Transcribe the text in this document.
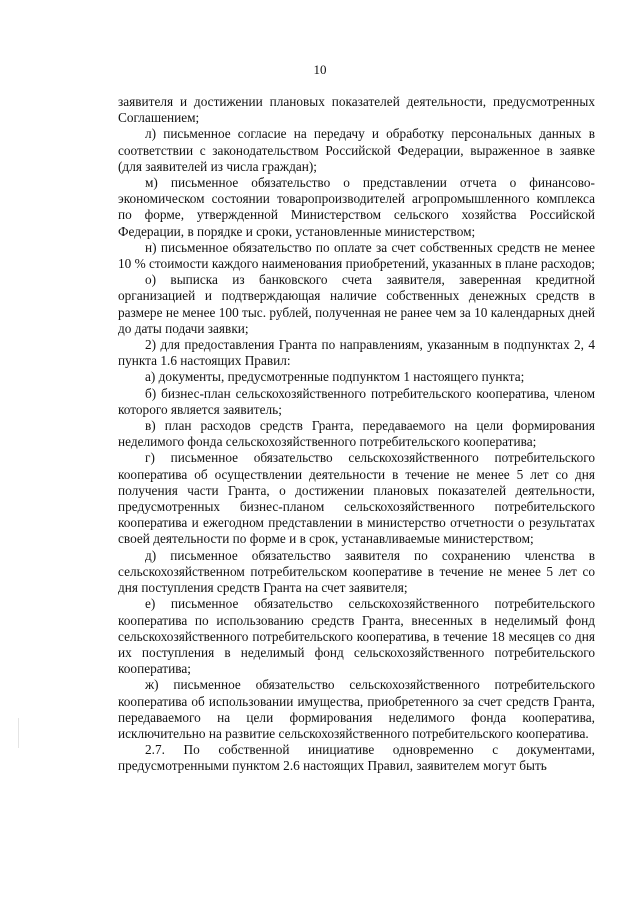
10

заявителя и достижении плановых показателей деятельности, предусмотренных Соглашением;

л) письменное согласие на передачу и обработку персональных данных в соответствии с законодательством Российской Федерации, выраженное в заявке (для заявителей из числа граждан);

м) письменное обязательство о представлении отчета о финансово-экономическом состоянии товаропроизводителей агропромышленного комплекса по форме, утвержденной Министерством сельского хозяйства Российской Федерации, в порядке и сроки, установленные министерством;

н) письменное обязательство по оплате за счет собственных средств не менее 10 % стоимости каждого наименования приобретений, указанных в плане расходов;

о) выписка из банковского счета заявителя, заверенная кредитной организацией и подтверждающая наличие собственных денежных средств в размере не менее 100 тыс. рублей, полученная не ранее чем за 10 календарных дней до даты подачи заявки;

2) для предоставления Гранта по направлениям, указанным в подпунктах 2, 4 пункта 1.6 настоящих Правил:

а) документы, предусмотренные подпунктом 1 настоящего пункта;

б) бизнес-план сельскохозяйственного потребительского кооператива, членом которого является заявитель;

в) план расходов средств Гранта, передаваемого на цели формирования неделимого фонда сельскохозяйственного потребительского кооператива;

г) письменное обязательство сельскохозяйственного потребительского кооператива об осуществлении деятельности в течение не менее 5 лет со дня получения части Гранта, о достижении плановых показателей деятельности, предусмотренных бизнес-планом сельскохозяйственного потребительского кооператива и ежегодном представлении в министерство отчетности о результатах своей деятельности по форме и в срок, устанавливаемые министерством;

д) письменное обязательство заявителя по сохранению членства в сельскохозяйственном потребительском кооперативе в течение не менее 5 лет со дня поступления средств Гранта на счет заявителя;

е) письменное обязательство сельскохозяйственного потребительского кооператива по использованию средств Гранта, внесенных в неделимый фонд сельскохозяйственного потребительского кооператива, в течение 18 месяцев со дня их поступления в неделимый фонд сельскохозяйственного потребительского кооператива;

ж) письменное обязательство сельскохозяйственного потребительского кооператива об использовании имущества, приобретенного за счет средств Гранта, передаваемого на цели формирования неделимого фонда кооператива, исключительно на развитие сельскохозяйственного потребительского кооператива.

2.7. По собственной инициативе одновременно с документами, предусмотренными пунктом 2.6 настоящих Правил, заявителем могут быть
